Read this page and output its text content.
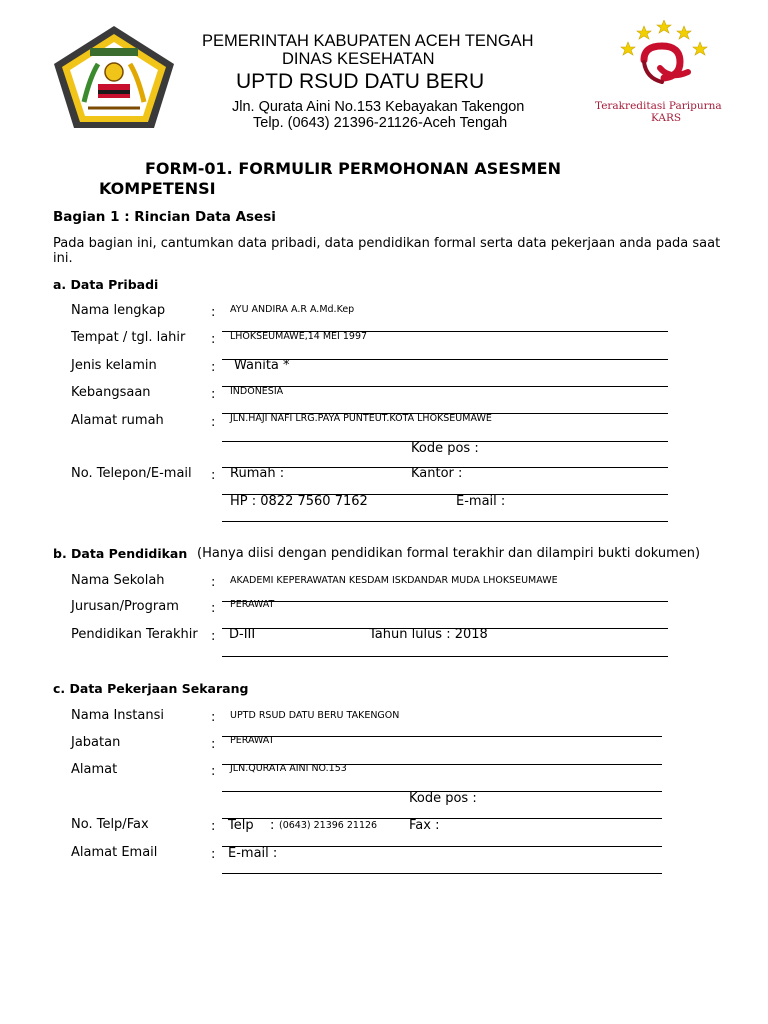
PEMERINTAH KABUPATEN ACEH TENGAH
DINAS KESEHATAN
UPTD RSUD DATU BERU
Jln. Qurata Aini No.153 Kebayakan Takengon
Telp. (0643) 21396-21126-Aceh Tengah
Terakreditasi Paripurna
KARS
FORM-01. FORMULIR PERMOHONAN ASESMEN
KOMPETENSI
Bagian 1 : Rincian Data Asesi
Pada bagian ini, cantumkan data pribadi, data pendidikan formal serta data pekerjaan anda pada saat
ini.
a. Data Pribadi
Nama lengkap	: AYU ANDIRA A.R A.Md.Kep
Tempat / tgl. lahir : LHOKSEUMAWE,14 MEI 1997
Jenis kelamin	: Wanita *
Kebangsaan	: INDONESIA
Alamat rumah	: JLN.HAJI NAFI LRG.PAYA PUNTEUT.KOTA LHOKSEUMAWE
Kode pos :
No. Telepon/E-mail : Rumah :	Kantor :
HP : 0822 7560 7162	E-mail :
b. Data Pendidikan (Hanya diisi dengan pendidikan formal terakhir dan dilampiri bukti dokumen)
Nama Sekolah	: AKADEMI KEPERAWATAN KESDAM ISKDANDAR MUDA LHOKSEUMAWE
Jurusan/Program : PERAWAT
Pendidikan Terakhir : D-III	Tahun lulus : 2018
c. Data Pekerjaan Sekarang
Nama Instansi	: UPTD RSUD DATU BERU TAKENGON
Jabatan	: PERAWAT
Alamat	: JLN.QURATA AINI NO.153
Kode pos :
No. Telp/Fax	: Telp : (0643) 21396 21126 Fax :
Alamat Email	: E-mail :
